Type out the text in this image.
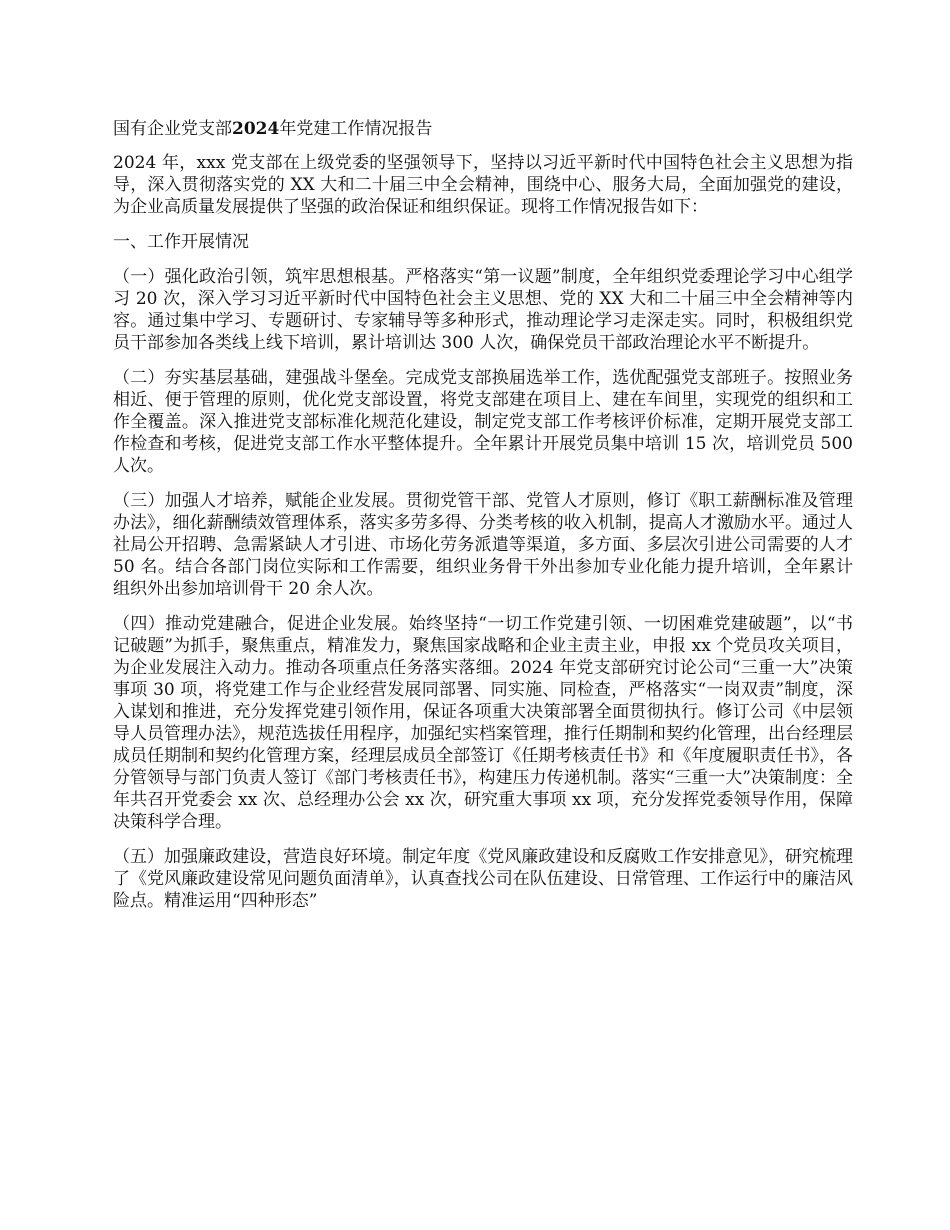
国有企业党支部2024年党建工作情况报告

2024 年，xxx 党支部在上级党委的坚强领导下，坚持以习近平新时代中国特色社会主义思想为指导，深入贯彻落实党的 XX 大和二十届三中全会精神，围绕中心、服务大局，全面加强党的建设，为企业高质量发展提供了坚强的政治保证和组织保证。现将工作情况报告如下：

一、工作开展情况

（一）强化政治引领，筑牢思想根基。严格落实“第一议题”制度，全年组织党委理论学习中心组学习 20 次，深入学习习近平新时代中国特色社会主义思想、党的 XX 大和二十届三中全会精神等内容。通过集中学习、专题研讨、专家辅导等多种形式，推动理论学习走深走实。同时，积极组织党员干部参加各类线上线下培训，累计培训达 300 人次，确保党员干部政治理论水平不断提升。

（二）夯实基层基础，建强战斗堡垒。完成党支部换届选举工作，选优配强党支部班子。按照业务相近、便于管理的原则，优化党支部设置，将党支部建在项目上、建在车间里，实现党的组织和工作全覆盖。深入推进党支部标准化规范化建设，制定党支部工作考核评价标准，定期开展党支部工作检查和考核，促进党支部工作水平整体提升。全年累计开展党员集中培训 15 次，培训党员 500 人次。

（三）加强人才培养，赋能企业发展。贯彻党管干部、党管人才原则，修订《职工薪酬标准及管理办法》，细化薪酬绩效管理体系，落实多劳多得、分类考核的收入机制，提高人才激励水平。通过人社局公开招聘、急需紧缺人才引进、市场化劳务派遣等渠道，多方面、多层次引进公司需要的人才 50 名。结合各部门岗位实际和工作需要，组织业务骨干外出参加专业化能力提升培训，全年累计组织外出参加培训骨干 20 余人次。

（四）推动党建融合，促进企业发展。始终坚持“一切工作党建引领、一切困难党建破题”，以“书记破题”为抓手，聚焦重点，精准发力，聚焦国家战略和企业主责主业，申报 xx 个党员攻关项目，为企业发展注入动力。推动各项重点任务落实落细。2024 年党支部研究讨论公司“三重一大”决策事项 30 项，将党建工作与企业经营发展同部署、同实施、同检查，严格落实“一岗双责”制度，深入谋划和推进，充分发挥党建引领作用，保证各项重大决策部署全面贯彻执行。修订公司《中层领导人员管理办法》，规范选拔任用程序，加强纪实档案管理，推行任期制和契约化管理，出台经理层成员任期制和契约化管理方案，经理层成员全部签订《任期考核责任书》和《年度履职责任书》，各分管领导与部门负责人签订《部门考核责任书》，构建压力传递机制。落实“三重一大”决策制度：全年共召开党委会 xx 次、总经理办公会 xx 次，研究重大事项 xx 项，充分发挥党委领导作用，保障决策科学合理。

（五）加强廉政建设，营造良好环境。制定年度《党风廉政建设和反腐败工作安排意见》，研究梳理了《党风廉政建设常见问题负面清单》，认真查找公司在队伍建设、日常管理、工作运行中的廉洁风险点。精准运用“四种形态”
